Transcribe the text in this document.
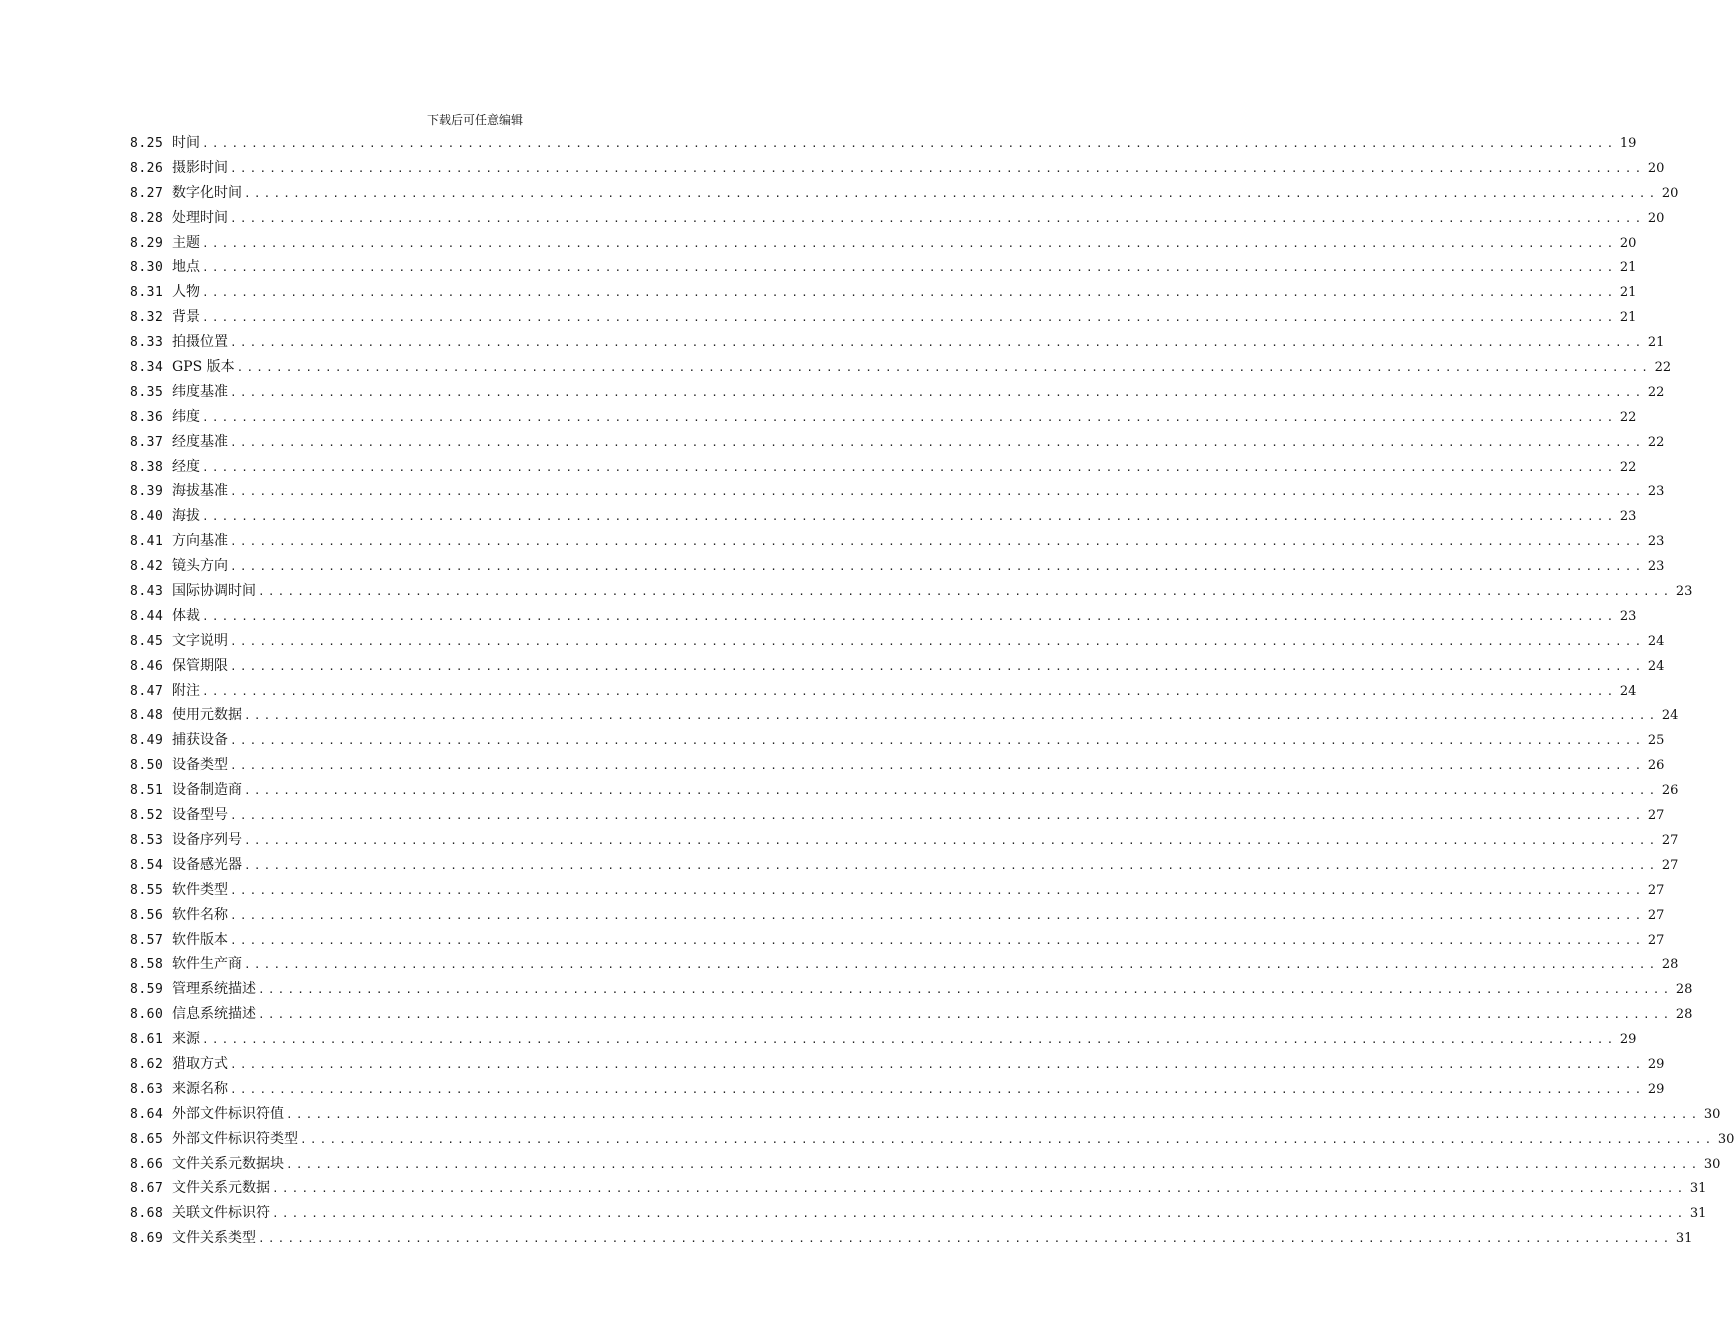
下载后可任意编辑
8.25 时间 ................................................................................................................................................ 19
8.26 摄影时间 ................................................................................................................................................ 20
8.27 数字化时间 ................................................................................................................................................ 20
8.28 处理时间 ................................................................................................................................................ 20
8.29 主题 ................................................................................................................................................ 20
8.30 地点 ................................................................................................................................................ 21
8.31 人物 ................................................................................................................................................ 21
8.32 背景 ................................................................................................................................................ 21
8.33 拍摄位置 ................................................................................................................................................ 21
8.34 GPS 版本 ................................................................................................................................................ 22
8.35 纬度基准 ................................................................................................................................................ 22
8.36 纬度 ................................................................................................................................................ 22
8.37 经度基准 ................................................................................................................................................ 22
8.38 经度 ................................................................................................................................................ 22
8.39 海拔基准 ................................................................................................................................................ 23
8.40 海拔 ................................................................................................................................................ 23
8.41 方向基准 ................................................................................................................................................ 23
8.42 镜头方向 ................................................................................................................................................ 23
8.43 国际协调时间 ................................................................................................................................................ 23
8.44 体裁 ................................................................................................................................................ 23
8.45 文字说明 ................................................................................................................................................ 24
8.46 保管期限 ................................................................................................................................................ 24
8.47 附注 ................................................................................................................................................ 24
8.48 使用元数据 ................................................................................................................................................ 24
8.49 捕获设备 ................................................................................................................................................ 25
8.50 设备类型 ................................................................................................................................................ 26
8.51 设备制造商 ................................................................................................................................................ 26
8.52 设备型号 ................................................................................................................................................ 27
8.53 设备序列号 ................................................................................................................................................ 27
8.54 设备感光器 ................................................................................................................................................ 27
8.55 软件类型 ................................................................................................................................................ 27
8.56 软件名称 ................................................................................................................................................ 27
8.57 软件版本 ................................................................................................................................................ 27
8.58 软件生产商 ................................................................................................................................................ 28
8.59 管理系统描述 ................................................................................................................................................ 28
8.60 信息系统描述 ................................................................................................................................................ 28
8.61 来源 ................................................................................................................................................ 29
8.62 猎取方式 ................................................................................................................................................ 29
8.63 来源名称 ................................................................................................................................................ 29
8.64 外部文件标识符值 ................................................................................................................................................ 30
8.65 外部文件标识符类型 ................................................................................................................................................ 30
8.66 文件关系元数据块 ................................................................................................................................................ 30
8.67 文件关系元数据 ................................................................................................................................................ 31
8.68 关联文件标识符 ................................................................................................................................................ 31
8.69 文件关系类型 ................................................................................................................................................ 31
